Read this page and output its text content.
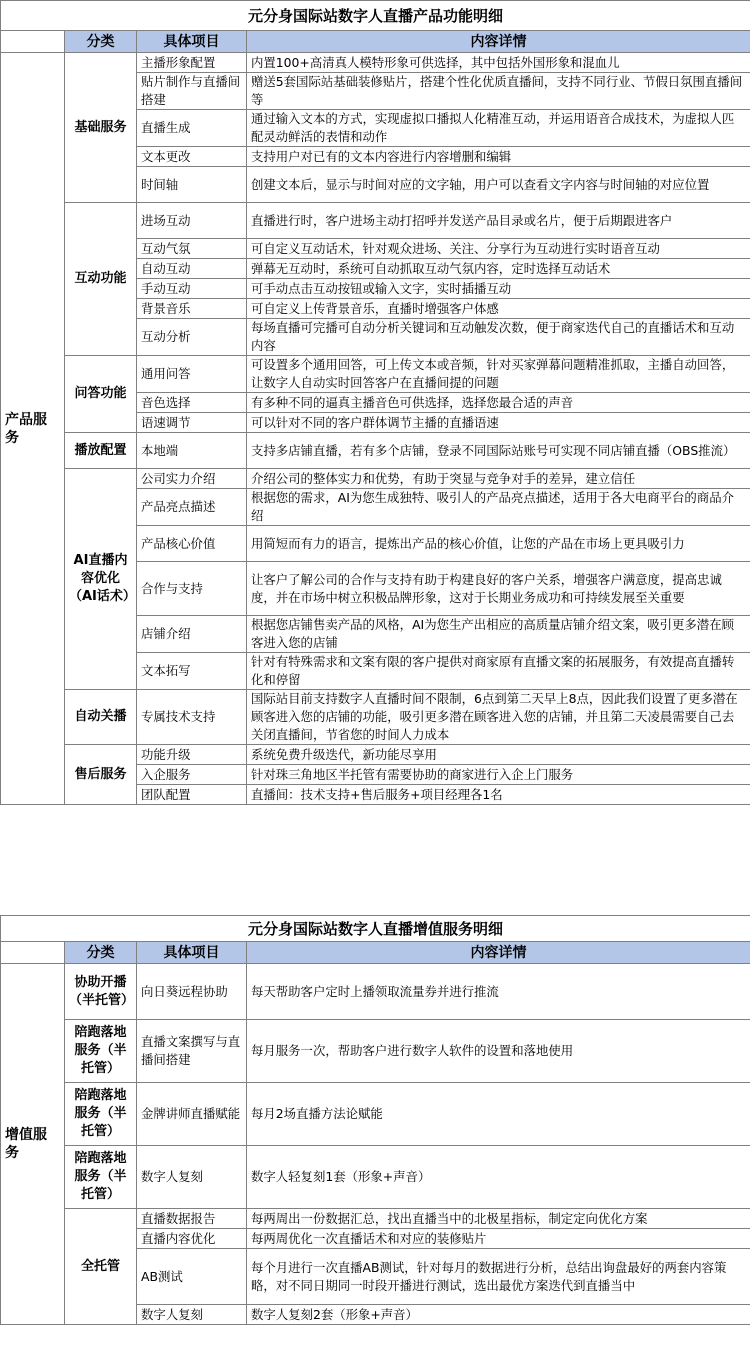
元分身国际站数字人直播产品功能明细			
	分类	具体项目	内容详情
产品服务	基础服务	主播形象配置	内置100+高清真人模特形象可供选择，其中包括外国形象和混血儿
		贴片制作与直播间搭建	赠送5套国际站基础装修贴片，搭建个性化优质直播间，支持不同行业、节假日氛围直播间等
		直播生成	通过输入文本的方式，实现虚拟口播拟人化精准互动，并运用语音合成技术，为虚拟人匹配灵动鲜活的表情和动作
		文本更改	支持用户对已有的文本内容进行内容增删和编辑
		时间轴	创建文本后，显示与时间对应的文字轴，用户可以查看文字内容与时间轴的对应位置
	互动功能	进场互动	直播进行时，客户进场主动打招呼并发送产品目录或名片，便于后期跟进客户
		互动气氛	可自定义互动话术，针对观众进场、关注、分享行为互动进行实时语音互动
		自动互动	弹幕无互动时，系统可自动抓取互动气氛内容，定时选择互动话术
		手动互动	可手动点击互动按钮或输入文字，实时插播互动
		背景音乐	可自定义上传背景音乐，直播时增强客户体感
		互动分析	每场直播可完播可自动分析关键词和互动触发次数，便于商家迭代自己的直播话术和互动内容
	问答功能	通用问答	可设置多个通用回答，可上传文本或音频，针对买家弹幕问题精准抓取，主播自动回答，让数字人自动实时回答客户在直播间提的问题
		音色选择	有多种不同的逼真主播音色可供选择，选择您最合适的声音
		语速调节	可以针对不同的客户群体调节主播的直播语速
	播放配置	本地端	支持多店铺直播，若有多个店铺，登录不同国际站账号可实现不同店铺直播（OBS推流）
	AI直播内容优化（AI话术）	公司实力介绍	介绍公司的整体实力和优势，有助于突显与竞争对手的差异，建立信任
		产品亮点描述	根据您的需求，AI为您生成独特、吸引人的产品亮点描述，适用于各大电商平台的商品介绍
		产品核心价值	用简短而有力的语言，提炼出产品的核心价值，让您的产品在市场上更具吸引力
		合作与支持	让客户了解公司的合作与支持有助于构建良好的客户关系，增强客户满意度，提高忠诚度，并在市场中树立积极品牌形象，这对于长期业务成功和可持续发展至关重要
		店铺介绍	根据您店铺售卖产品的风格，AI为您生产出相应的高质量店铺介绍文案，吸引更多潜在顾客进入您的店铺
		文本拓写	针对有特殊需求和文案有限的客户提供对商家原有直播文案的拓展服务，有效提高直播转化和停留
	自动关播	专属技术支持	国际站目前支持数字人直播时间不限制，6点到第二天早上8点，因此我们设置了更多潜在顾客进入您的店铺的功能，吸引更多潜在顾客进入您的店铺，并且第二天凌晨需要自己去关闭直播间，节省您的时间人力成本
	售后服务	功能升级	系统免费升级迭代，新功能尽享用
		入企服务	针对珠三角地区半托管有需要协助的商家进行入企上门服务
		团队配置	直播间：技术支持+售后服务+项目经理各1名
元分身国际站数字人直播增值服务明细			
	分类	具体项目	内容详情
增值服务	协助开播（半托管）	向日葵远程协助	每天帮助客户定时上播领取流量券并进行推流
	陪跑落地服务（半托管）	直播文案撰写与直播间搭建	每月服务一次，帮助客户进行数字人软件的设置和落地使用
	陪跑落地服务（半托管）	金牌讲师直播赋能	每月2场直播方法论赋能
	陪跑落地服务（半托管）	数字人复刻	数字人轻复刻1套（形象+声音）
	全托管	直播数据报告	每两周出一份数据汇总，找出直播当中的北极星指标，制定定向优化方案
		直播内容优化	每两周优化一次直播话术和对应的装修贴片
		AB测试	每个月进行一次直播AB测试，针对每月的数据进行分析，总结出询盘最好的两套内容策略，对不同日期同一时段开播进行测试，选出最优方案迭代到直播当中
		数字人复刻	数字人复刻2套（形象+声音）
